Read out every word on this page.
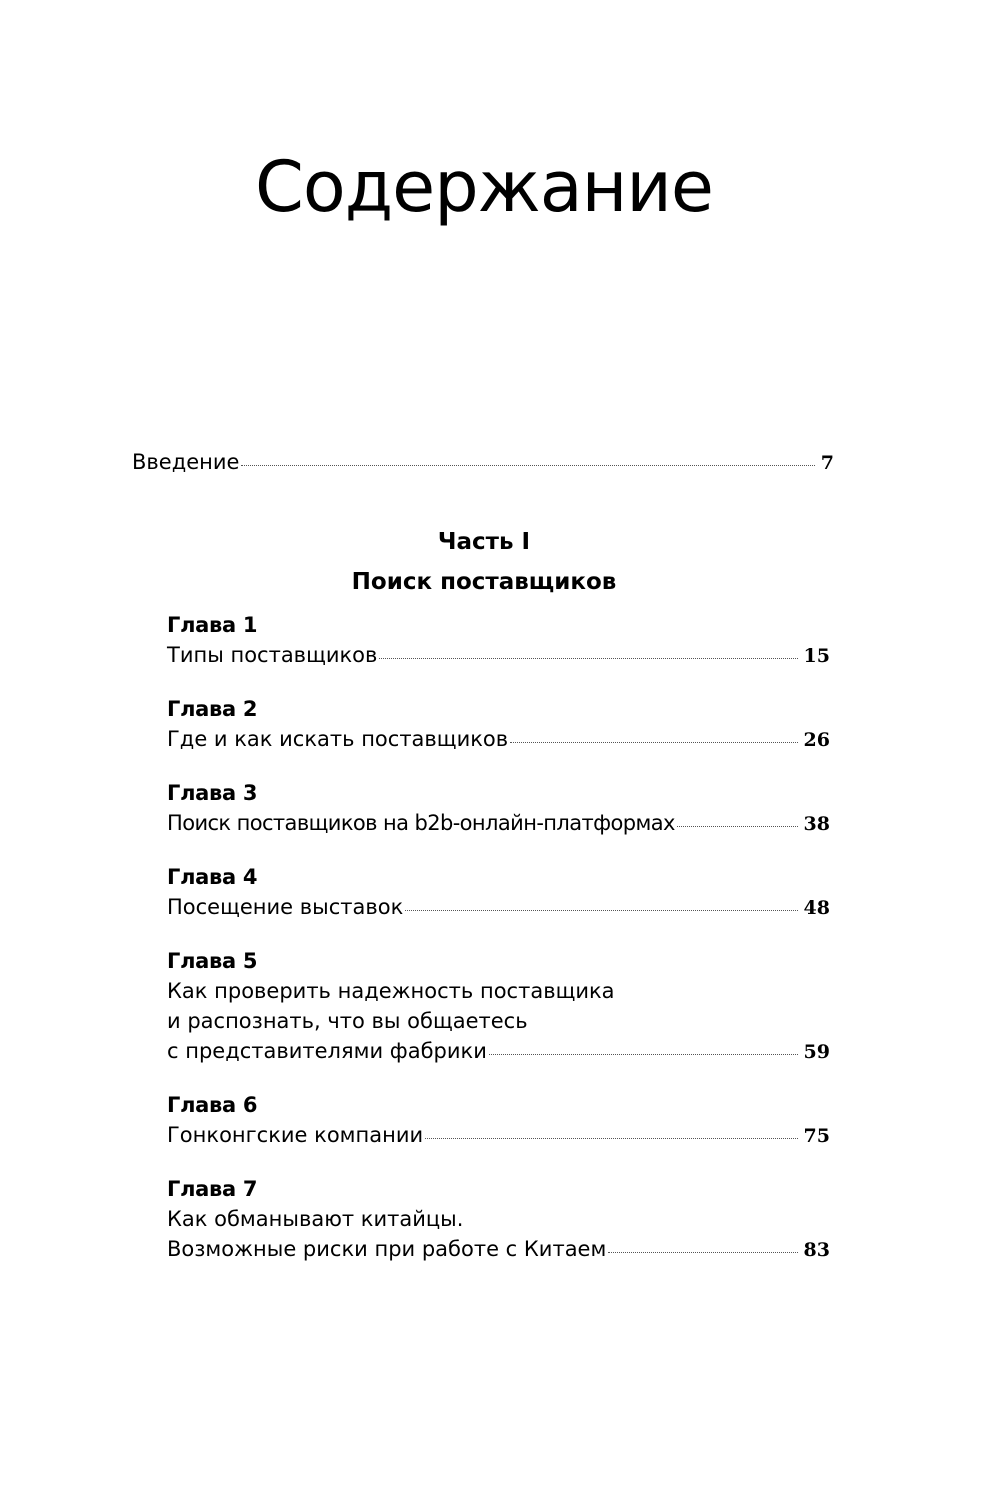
Содержание
Введение	7
Часть I
Поиск поставщиков
Глава 1
Типы поставщиков	15
Глава 2
Где и как искать поставщиков	26
Глава 3
Поиск поставщиков на b2b-онлайн-платформах	38
Глава 4
Посещение выставок	48
Глава 5
Как проверить надежность поставщика
и распознать, что вы общаетесь
с представителями фабрики	59
Глава 6
Гонконгские компании	75
Глава 7
Как обманывают китайцы.
Возможные риски при работе с Китаем	83
